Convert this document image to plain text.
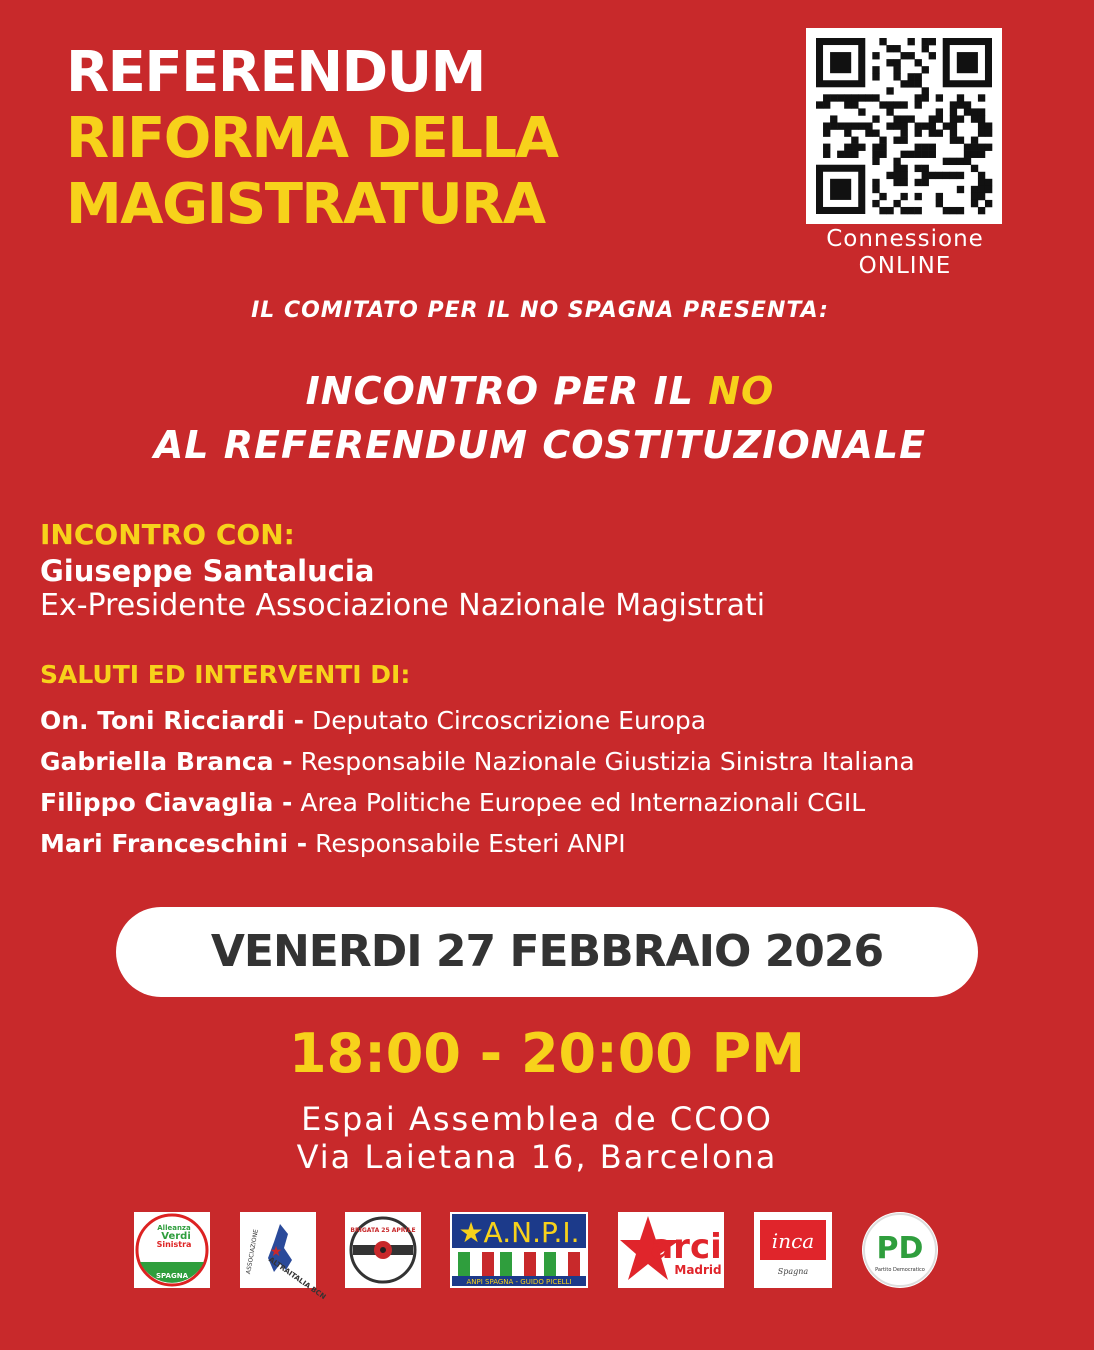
REFERENDUM
RIFORMA DELLA
MAGISTRATURA
Connessione
ONLINE
IL COMITATO PER IL NO SPAGNA PRESENTA:
INCONTRO PER IL NO
AL REFERENDUM COSTITUZIONALE
INCONTRO CON:
Giuseppe Santalucia
Ex-Presidente Associazione Nazionale Magistrati
SALUTI ED INTERVENTI DI:
On. Toni Ricciardi - Deputato Circoscrizione Europa
Gabriella Branca - Responsabile Nazionale Giustizia Sinistra Italiana
Filippo Ciavaglia - Area Politiche Europee ed Internazionali CGIL
Mari Franceschini - Responsabile Esteri ANPI
VENERDI 27 FEBBRAIO 2026
18:00 - 20:00 PM
Espai Assemblea de CCOO
Via Laietana 16, Barcelona
Alleanza
Verdi
Sinistra
SPAGNA
★
ASSOCIAZIONE
ALTRAITALIA BCN
BRIGATA 25 APRILE ★A.N.P.I.
ANPI SPAGNA - GUIDO PICELLI
arci
Madrid
inca
Spagna
PD
Partito Democratico
